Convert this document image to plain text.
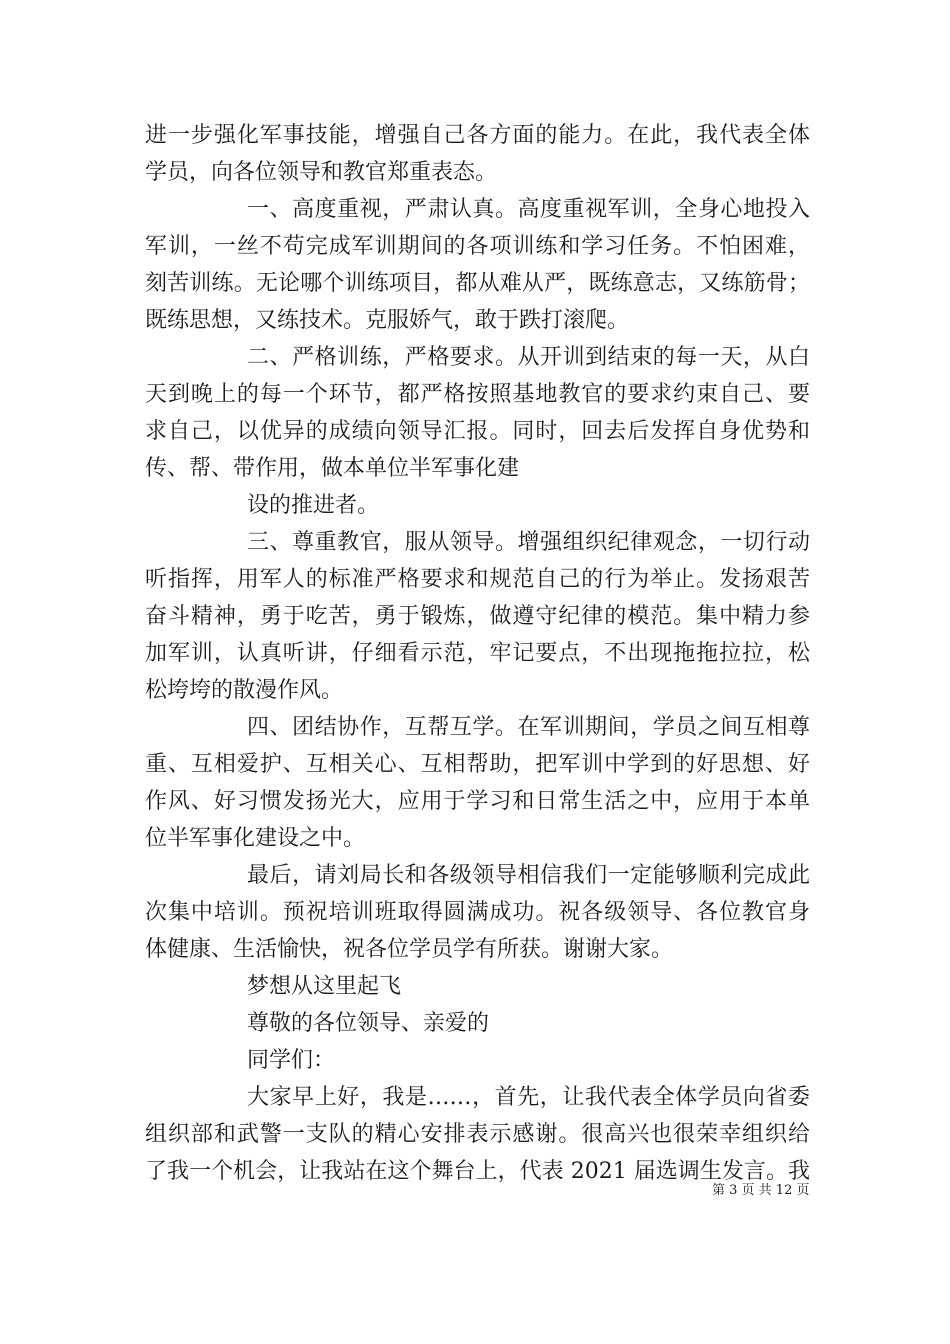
进一步强化军事技能，增强自己各方面的能力。在此，我代表全体
学员，向各位领导和教官郑重表态。
一、高度重视，严肃认真。高度重视军训，全身心地投入
军训，一丝不苟完成军训期间的各项训练和学习任务。不怕困难，
刻苦训练。无论哪个训练项目，都从难从严，既练意志，又练筋骨；
既练思想，又练技术。克服娇气，敢于跌打滚爬。
二、严格训练，严格要求。从开训到结束的每一天，从白
天到晚上的每一个环节，都严格按照基地教官的要求约束自己、要
求自己，以优异的成绩向领导汇报。同时，回去后发挥自身优势和
传、帮、带作用，做本单位半军事化建
设的推进者。
三、尊重教官，服从领导。增强组织纪律观念，一切行动
听指挥，用军人的标准严格要求和规范自己的行为举止。发扬艰苦
奋斗精神，勇于吃苦，勇于锻炼，做遵守纪律的模范。集中精力参
加军训，认真听讲，仔细看示范，牢记要点，不出现拖拖拉拉，松
松垮垮的散漫作风。
四、团结协作，互帮互学。在军训期间，学员之间互相尊
重、互相爱护、互相关心、互相帮助，把军训中学到的好思想、好
作风、好习惯发扬光大，应用于学习和日常生活之中，应用于本单
位半军事化建设之中。
最后，请刘局长和各级领导相信我们一定能够顺利完成此
次集中培训。预祝培训班取得圆满成功。祝各级领导、各位教官身
体健康、生活愉快，祝各位学员学有所获。谢谢大家。
梦想从这里起飞
尊敬的各位领导、亲爱的
同学们：
大家早上好，我是……，首先，让我代表全体学员向省委
组织部和武警一支队的精心安排表示感谢。很高兴也很荣幸组织给
了我一个机会，让我站在这个舞台上，代表 2021 届选调生发言。我
第 3 页 共 12 页
